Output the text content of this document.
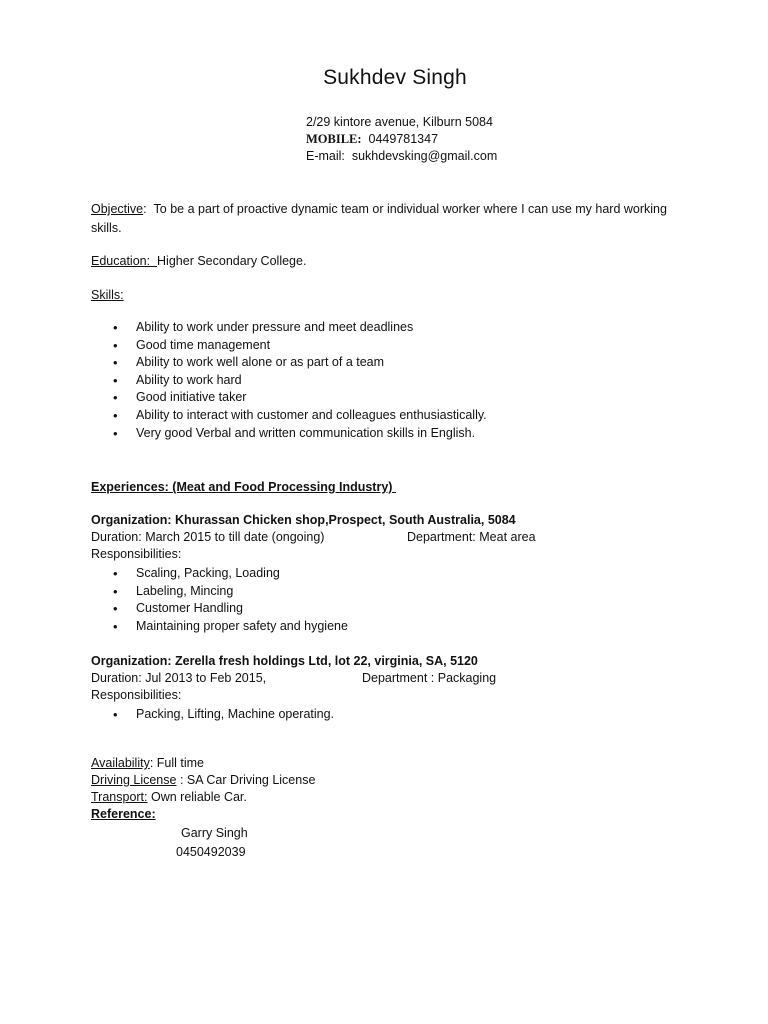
Sukhdev Singh
2/29 kintore avenue, Kilburn 5084
MOBILE: 0449781347
E-mail: sukhdevsking@gmail.com
Objective:  To be a part of proactive dynamic team or individual worker where I can use my hard working
skills.
Education: Higher Secondary College.
Skills:
• Ability to work under pressure and meet deadlines
• Good time management
• Ability to work well alone or as part of a team
• Ability to work hard
• Good initiative taker
• Ability to interact with customer and colleagues enthusiastically.
• Very good Verbal and written communication skills in English.
Experiences: (Meat and Food Processing Industry)
Organization: Khurassan Chicken shop,Prospect, South Australia, 5084
Duration: March 2015 to till date (ongoing)	Department: Meat area
Responsibilities:
• Scaling, Packing, Loading
• Labeling, Mincing
• Customer Handling
• Maintaining proper safety and hygiene
Organization: Zerella fresh holdings Ltd, lot 22, virginia, SA, 5120
Duration: Jul 2013 to Feb 2015,	Department : Packaging
Responsibilities:
• Packing, Lifting, Machine operating.
Availability: Full time
Driving License : SA Car Driving License
Transport: Own reliable Car.
Reference:
Garry Singh
0450492039
